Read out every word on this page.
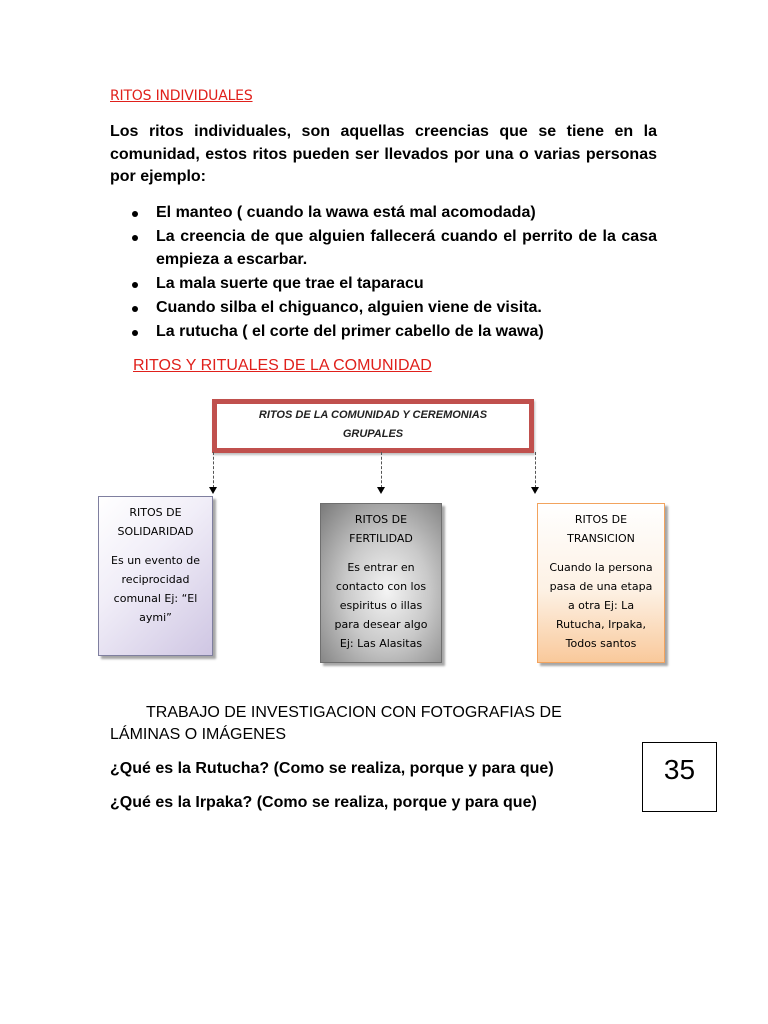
RITOS INDIVIDUALES
Los ritos individuales, son aquellas creencias que se tiene en la comunidad, estos ritos pueden ser llevados por una o varias personas por ejemplo:
El manteo ( cuando la wawa está mal acomodada)
La creencia de que alguien fallecerá cuando el perrito de la casa empieza a escarbar.
La mala suerte que trae el taparacu
Cuando silba el chiguanco, alguien viene de visita.
La rutucha ( el corte del primer cabello de la wawa)
RITOS Y RITUALES DE LA COMUNIDAD
RITOS DE LA COMUNIDAD Y CEREMONIAS
GRUPALES
RITOS DE
SOLIDARIDAD
Es un evento de
reciprocidad
comunal Ej: “El
aymi”
RITOS DE
FERTILIDAD
Es entrar en
contacto con los
espiritus o illas
para desear algo
Ej: Las Alasitas
RITOS DE
TRANSICION
Cuando la persona
pasa de una etapa
a otra Ej: La
Rutucha, Irpaka,
Todos santos
TRABAJO DE INVESTIGACION CON FOTOGRAFIAS DE
LÁMINAS O IMÁGENES
¿Qué es la Rutucha? (Como se realiza, porque y para que)
¿Qué es la Irpaka? (Como se realiza, porque y para que)
35
